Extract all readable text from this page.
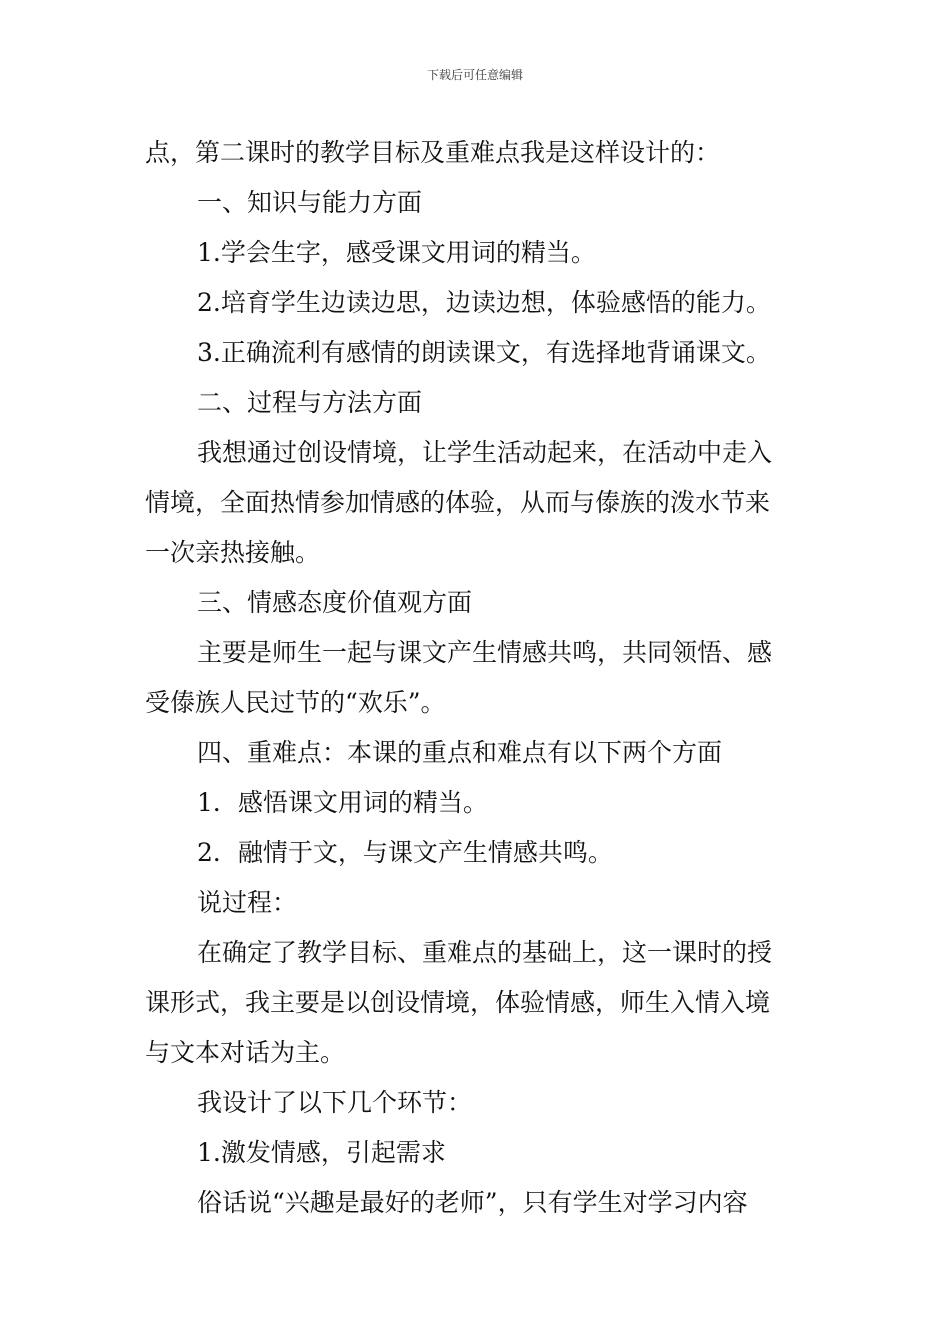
下载后可任意编辑
点，第二课时的教学目标及重难点我是这样设计的：
一、知识与能力方面
1.学会生字，感受课文用词的精当。
2.培育学生边读边思，边读边想，体验感悟的能力。
3.正确流利有感情的朗读课文，有选择地背诵课文。
二、过程与方法方面
我想通过创设情境，让学生活动起来，在活动中走入
情境，全面热情参加情感的体验，从而与傣族的泼水节来
一次亲热接触。
三、情感态度价值观方面
主要是师生一起与课文产生情感共鸣，共同领悟、感
受傣族人民过节的“欢乐”。
四、重难点：本课的重点和难点有以下两个方面
1．感悟课文用词的精当。
2．融情于文，与课文产生情感共鸣。
说过程：
在确定了教学目标、重难点的基础上，这一课时的授
课形式，我主要是以创设情境，体验情感，师生入情入境
与文本对话为主。
我设计了以下几个环节：
1.激发情感，引起需求
俗话说“兴趣是最好的老师”，只有学生对学习内容
